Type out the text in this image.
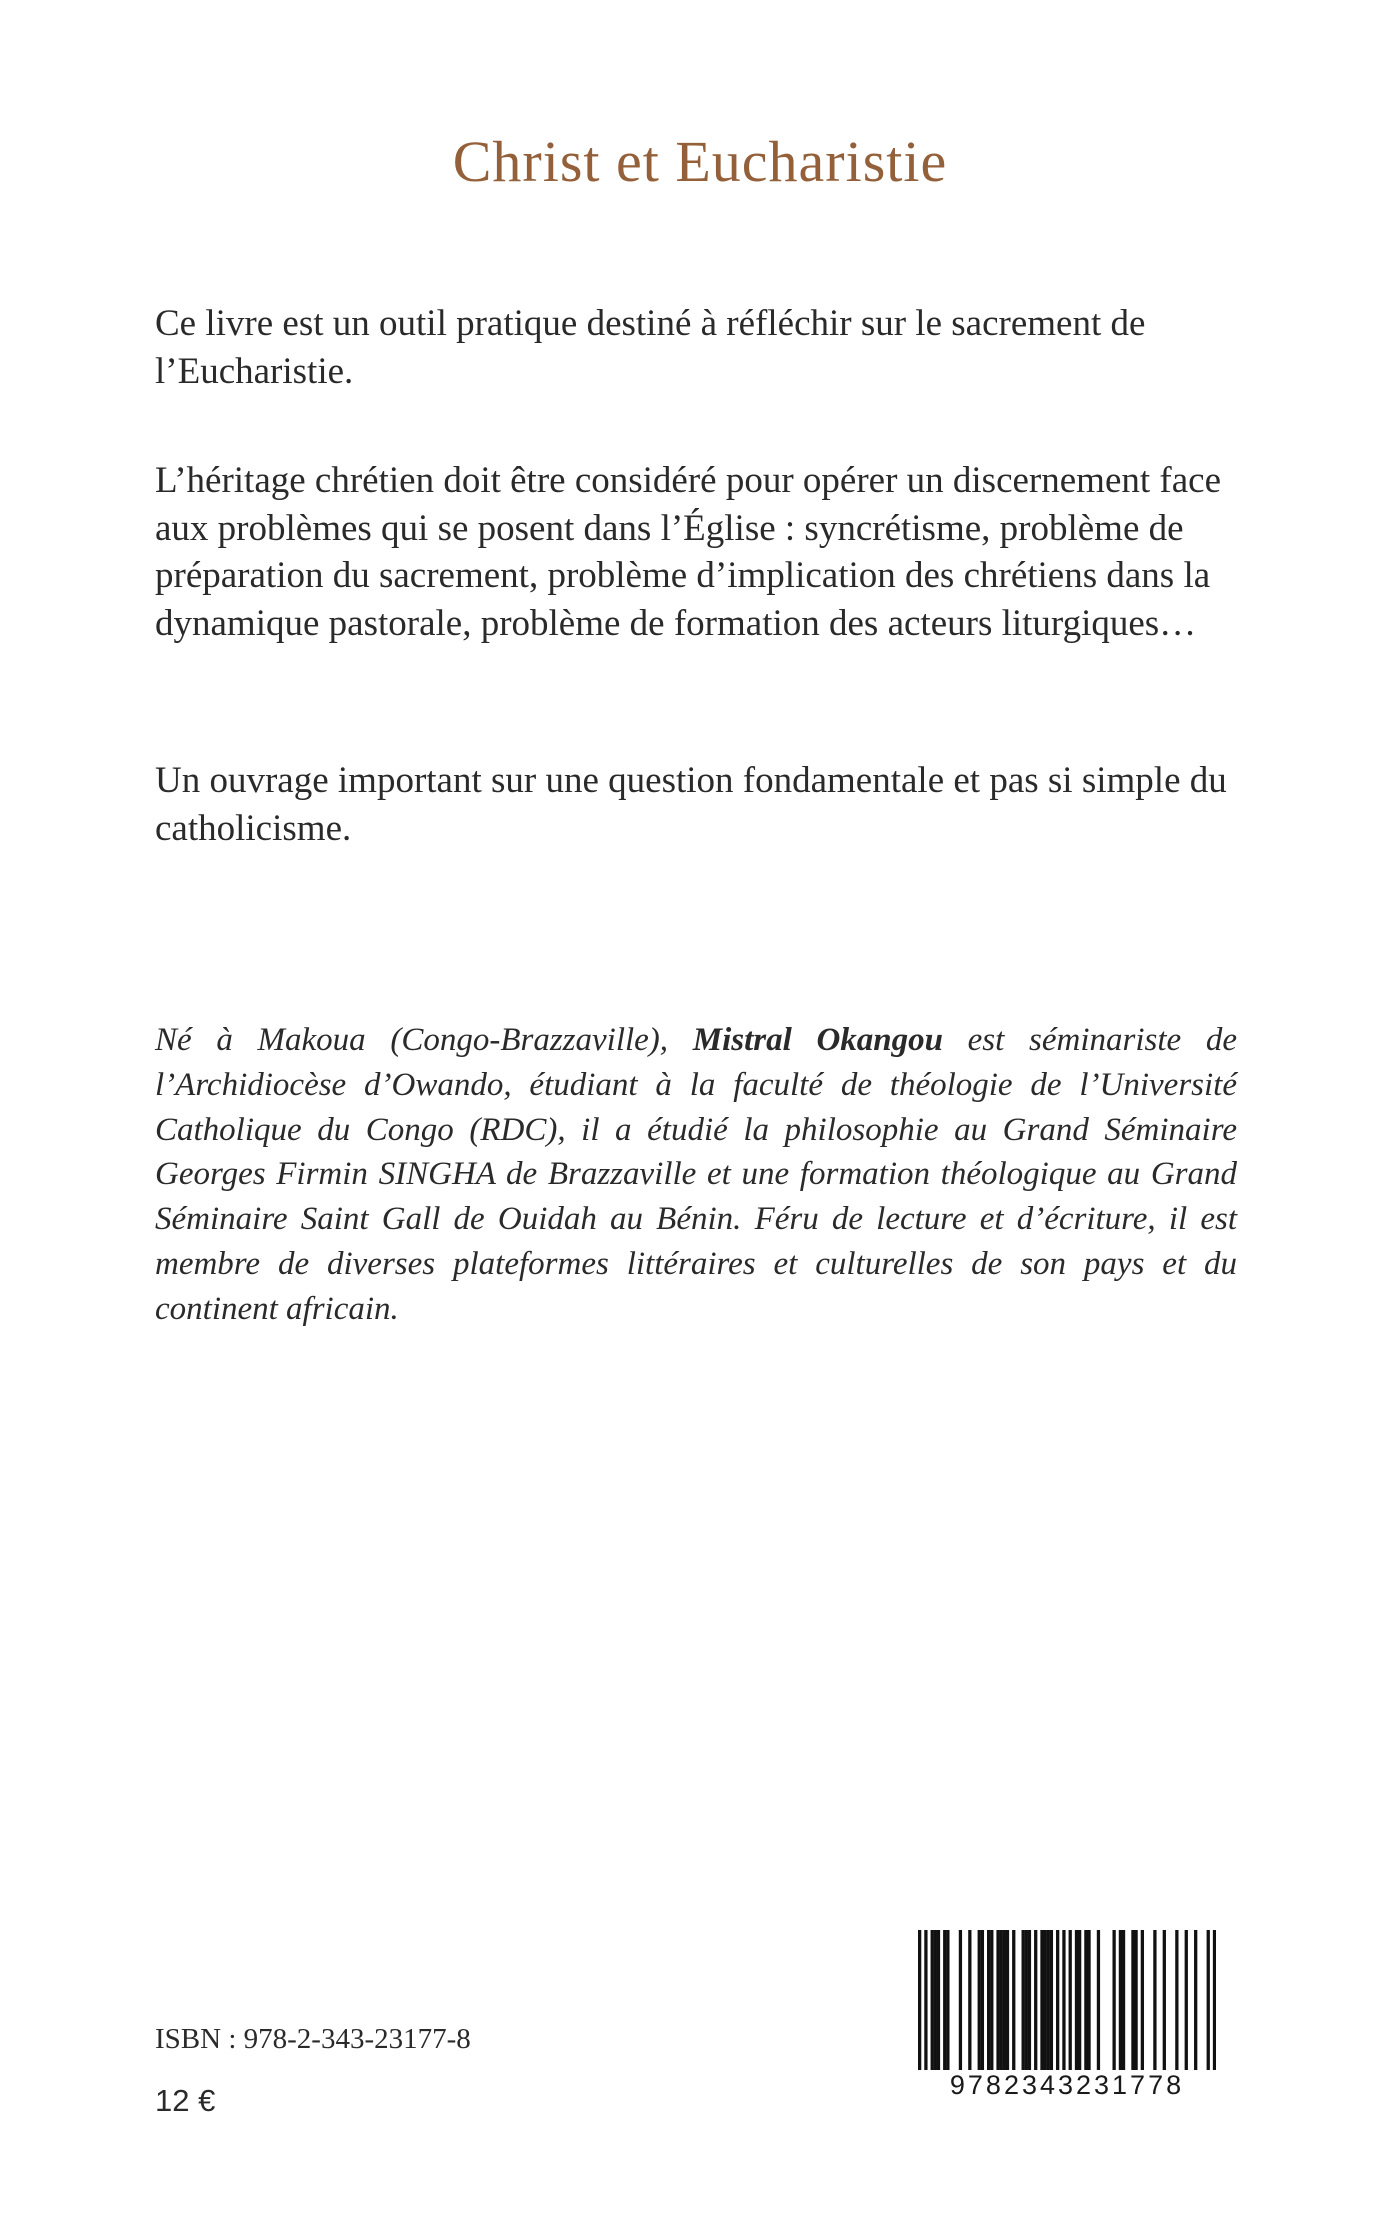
Christ et Eucharistie

Ce livre est un outil pratique destiné à réfléchir sur le sacrement de l’Eucharistie.

L’héritage chrétien doit être considéré pour opérer un discernement face aux problèmes qui se posent dans l’Église : syncrétisme, problème de préparation du sacrement, problème d’implication des chrétiens dans la dynamique pastorale, problème de formation des acteurs liturgiques…

Un ouvrage important sur une question fondamentale et pas si simple du catholicisme.

Né à Makoua (Congo-Brazzaville), Mistral Okangou est séminariste de l’Archidiocèse d’Owando, étudiant à la faculté de théologie de l’Université Catholique du Congo (RDC), il a étudié la philosophie au Grand Séminaire Georges Firmin SINGHA de Brazzaville et une formation théologique au Grand Séminaire Saint Gall de Ouidah au Bénin. Féru de lecture et d’écriture, il est membre de diverses plateformes littéraires et culturelles de son pays et du continent africain.

ISBN : 978-2-343-23177-8

12 €	9782343231778
